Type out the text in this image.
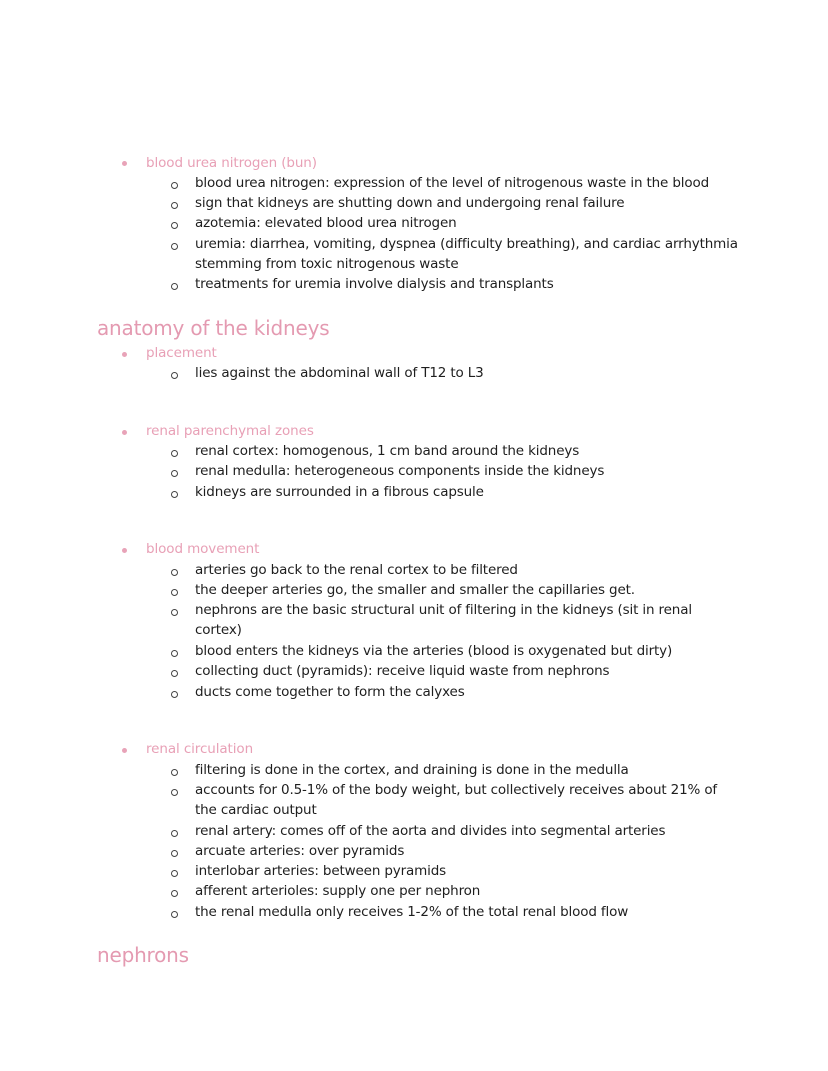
blood urea nitrogen (bun)
blood urea nitrogen: expression of the level of nitrogenous waste in the blood
sign that kidneys are shutting down and undergoing renal failure
azotemia: elevated blood urea nitrogen
uremia: diarrhea, vomiting, dyspnea (difficulty breathing), and cardiac arrhythmia
stemming from toxic nitrogenous waste
treatments for uremia involve dialysis and transplants
anatomy of the kidneys
placement
lies against the abdominal wall of T12 to L3
renal parenchymal zones
renal cortex: homogenous, 1 cm band around the kidneys
renal medulla: heterogeneous components inside the kidneys
kidneys are surrounded in a fibrous capsule
blood movement
arteries go back to the renal cortex to be filtered
the deeper arteries go, the smaller and smaller the capillaries get.
nephrons are the basic structural unit of filtering in the kidneys (sit in renal
cortex)
blood enters the kidneys via the arteries (blood is oxygenated but dirty)
collecting duct (pyramids): receive liquid waste from nephrons
ducts come together to form the calyxes
renal circulation
filtering is done in the cortex, and draining is done in the medulla
accounts for 0.5-1% of the body weight, but collectively receives about 21% of
the cardiac output
renal artery: comes off of the aorta and divides into segmental arteries
arcuate arteries: over pyramids
interlobar arteries: between pyramids
afferent arterioles: supply one per nephron
the renal medulla only receives 1-2% of the total renal blood flow
nephrons
